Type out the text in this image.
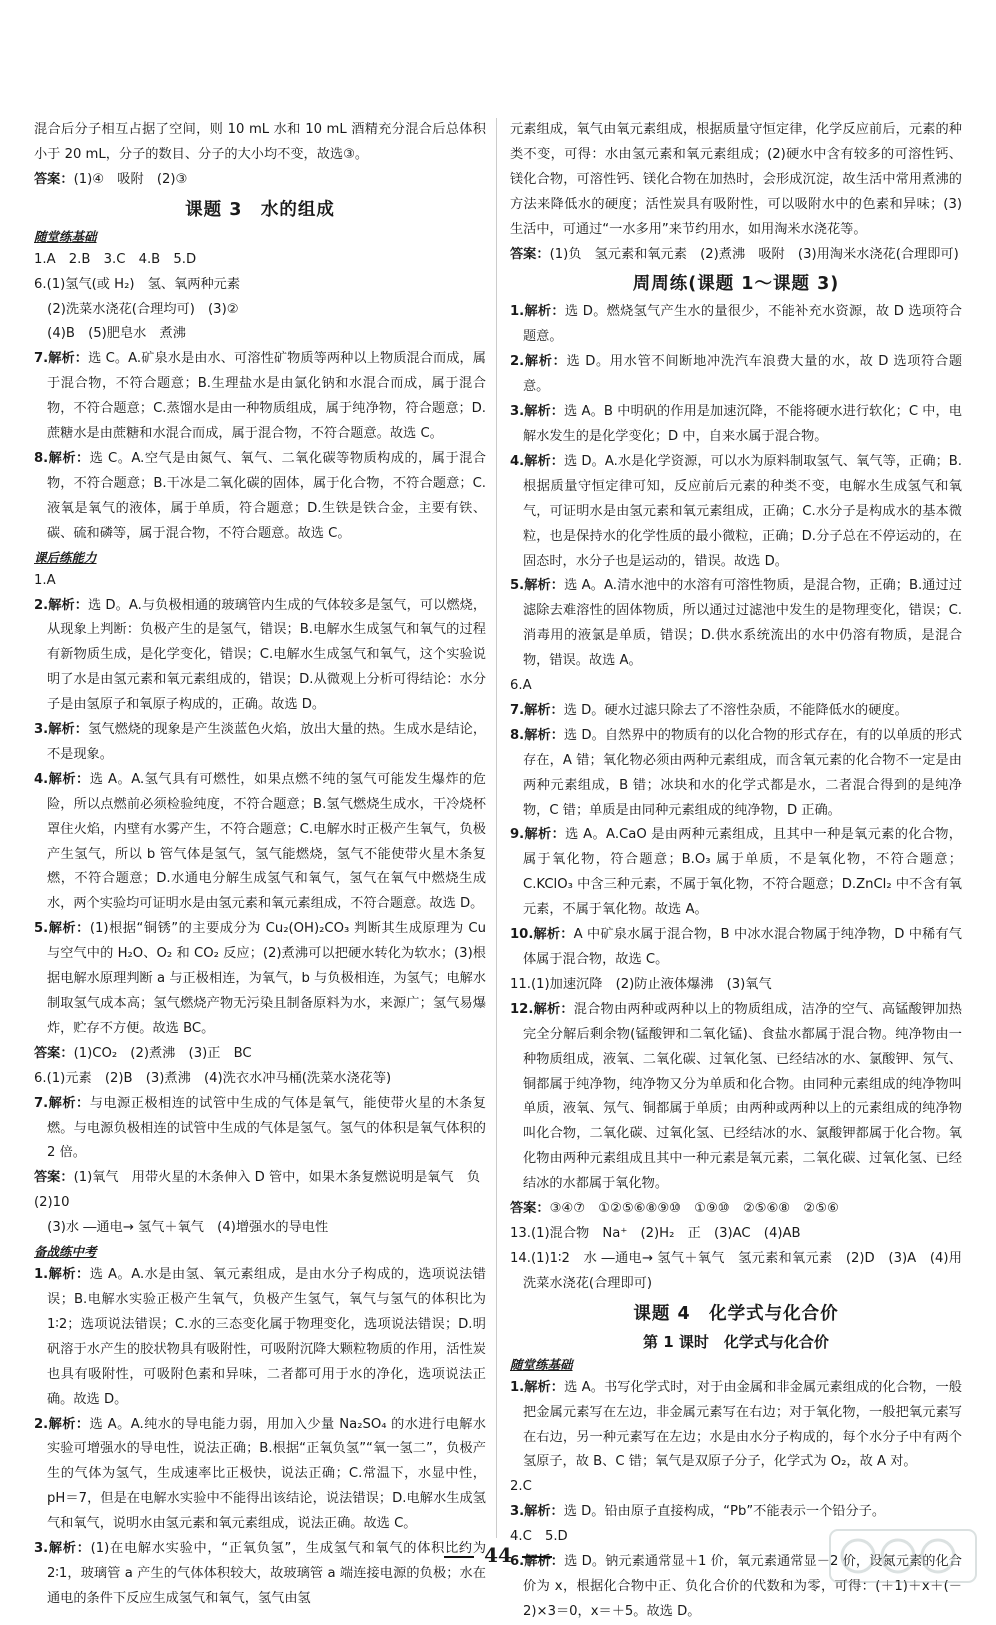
混合后分子相互占据了空间，则 10 mL 水和 10 mL 酒精充分混合后总体积小于 20 mL，分子的数目、分子的大小均不变，故选③。
答案：(1)④　吸附　(2)③
课题 3　水的组成
随堂练基础
1.A　2.B　3.C　4.B　5.D
6.(1)氢气(或 H₂)　氢、氧两种元素
　(2)洗菜水浇花(合理均可)　(3)②
　(4)B　(5)肥皂水　煮沸
7.解析：选 C。A.矿泉水是由水、可溶性矿物质等两种以上物质混合而成，属于混合物，不符合题意；B.生理盐水是由氯化钠和水混合而成，属于混合物，不符合题意；C.蒸馏水是由一种物质组成，属于纯净物，符合题意；D.蔗糖水是由蔗糖和水混合而成，属于混合物，不符合题意。故选 C。
8.解析：选 C。A.空气是由氮气、氧气、二氧化碳等物质构成的，属于混合物，不符合题意；B.干冰是二氧化碳的固体，属于化合物，不符合题意；C.液氧是氧气的液体，属于单质，符合题意；D.生铁是铁合金，主要有铁、碳、硫和磷等，属于混合物，不符合题意。故选 C。
课后练能力
1.A
2.解析：选 D。A.与负极相通的玻璃管内生成的气体较多是氢气，可以燃烧，从现象上判断：负极产生的是氢气，错误；B.电解水生成氢气和氧气的过程有新物质生成，是化学变化，错误；C.电解水生成氢气和氧气，这个实验说明了水是由氢元素和氧元素组成的，错误；D.从微观上分析可得结论：水分子是由氢原子和氧原子构成的，正确。故选 D。
3.解析：氢气燃烧的现象是产生淡蓝色火焰，放出大量的热。生成水是结论，不是现象。
4.解析：选 A。A.氢气具有可燃性，如果点燃不纯的氢气可能发生爆炸的危险，所以点燃前必须检验纯度，不符合题意；B.氢气燃烧生成水，干冷烧杯罩住火焰，内壁有水雾产生，不符合题意；C.电解水时正极产生氧气，负极产生氢气，所以 b 管气体是氢气，氢气能燃烧，氢气不能使带火星木条复燃，不符合题意；D.水通电分解生成氢气和氧气，氢气在氧气中燃烧生成水，两个实验均可证明水是由氢元素和氧元素组成，不符合题意。故选 D。
5.解析：(1)根据“铜锈”的主要成分为 Cu₂(OH)₂CO₃ 判断其生成原理为 Cu 与空气中的 H₂O、O₂ 和 CO₂ 反应；(2)煮沸可以把硬水转化为软水；(3)根据电解水原理判断 a 与正极相连，为氧气，b 与负极相连，为氢气；电解水制取氢气成本高；氢气燃烧产物无污染且制备原料为水，来源广；氢气易爆炸，贮存不方便。故选 BC。
答案：(1)CO₂　(2)煮沸　(3)正　BC
6.(1)元素　(2)B　(3)煮沸　(4)洗衣水冲马桶(洗菜水浇花等)
7.解析：与电源正极相连的试管中生成的气体是氧气，能使带火星的木条复燃。与电源负极相连的试管中生成的气体是氢气。氢气的体积是氧气体积的 2 倍。
答案：(1)氧气　用带火星的木条伸入 D 管中，如果木条复燃说明是氧气　负　(2)10
　(3)水 ―通电→ 氢气＋氧气　(4)增强水的导电性
备战练中考
1.解析：选 A。A.水是由氢、氧元素组成，是由水分子构成的，选项说法错误；B.电解水实验正极产生氧气，负极产生氢气，氧气与氢气的体积比为 1∶2；选项说法错误；C.水的三态变化属于物理变化，选项说法错误；D.明矾溶于水产生的胶状物具有吸附性，可吸附沉降大颗粒物质的作用，活性炭也具有吸附性，可吸附色素和异味，二者都可用于水的净化，选项说法正确。故选 D。
2.解析：选 A。A.纯水的导电能力弱，用加入少量 Na₂SO₄ 的水进行电解水实验可增强水的导电性，说法正确；B.根据“正氧负氢”“氧一氢二”，负极产生的气体为氢气，生成速率比正极快，说法正确；C.常温下，水显中性，pH＝7，但是在电解水实验中不能得出该结论，说法错误；D.电解水生成氢气和氧气，说明水由氢元素和氧元素组成，说法正确。故选 C。
3.解析：(1)在电解水实验中，“正氧负氢”，生成氢气和氧气的体积比约为 2∶1，玻璃管 a 产生的气体体积较大，故玻璃管 a 端连接电源的负极；水在通电的条件下反应生成氢气和氧气，氢气由氢
元素组成，氧气由氧元素组成，根据质量守恒定律，化学反应前后，元素的种类不变，可得：水由氢元素和氧元素组成；(2)硬水中含有较多的可溶性钙、镁化合物，可溶性钙、镁化合物在加热时，会形成沉淀，故生活中常用煮沸的方法来降低水的硬度；活性炭具有吸附性，可以吸附水中的色素和异味；(3)生活中，可通过“一水多用”来节约用水，如用淘米水浇花等。
答案：(1)负　氢元素和氧元素　(2)煮沸　吸附　(3)用淘米水浇花(合理即可)
周周练(课题 1～课题 3)
1.解析：选 D。燃烧氢气产生水的量很少，不能补充水资源，故 D 选项符合题意。
2.解析：选 D。用水管不间断地冲洗汽车浪费大量的水，故 D 选项符合题意。
3.解析：选 A。B 中明矾的作用是加速沉降，不能将硬水进行软化；C 中，电解水发生的是化学变化；D 中，自来水属于混合物。
4.解析：选 D。A.水是化学资源，可以水为原料制取氢气、氧气等，正确；B.根据质量守恒定律可知，反应前后元素的种类不变，电解水生成氢气和氧气，可证明水是由氢元素和氧元素组成，正确；C.水分子是构成水的基本微粒，也是保持水的化学性质的最小微粒，正确；D.分子总在不停运动的，在固态时，水分子也是运动的，错误。故选 D。
5.解析：选 A。A.清水池中的水溶有可溶性物质，是混合物，正确；B.通过过滤除去难溶性的固体物质，所以通过过滤池中发生的是物理变化，错误；C.消毒用的液氯是单质，错误；D.供水系统流出的水中仍溶有物质，是混合物，错误。故选 A。
6.A
7.解析：选 D。硬水过滤只除去了不溶性杂质，不能降低水的硬度。
8.解析：选 D。自然界中的物质有的以化合物的形式存在，有的以单质的形式存在，A 错；氧化物必须由两种元素组成，而含氧元素的化合物不一定是由两种元素组成，B 错；冰块和水的化学式都是水，二者混合得到的是纯净物，C 错；单质是由同种元素组成的纯净物，D 正确。
9.解析：选 A。A.CaO 是由两种元素组成，且其中一种是氧元素的化合物，属于氧化物，符合题意；B.O₃ 属于单质，不是氧化物，不符合题意；C.KClO₃ 中含三种元素，不属于氧化物，不符合题意；D.ZnCl₂ 中不含有氧元素，不属于氧化物。故选 A。
10.解析：A 中矿泉水属于混合物，B 中冰水混合物属于纯净物，D 中稀有气体属于混合物，故选 C。
11.(1)加速沉降　(2)防止液体爆沸　(3)氧气
12.解析：混合物由两种或两种以上的物质组成，洁净的空气、高锰酸钾加热完全分解后剩余物(锰酸钾和二氧化锰)、食盐水都属于混合物。纯净物由一种物质组成，液氧、二氧化碳、过氧化氢、已经结冰的水、氯酸钾、氖气、铜都属于纯净物，纯净物又分为单质和化合物。由同种元素组成的纯净物叫单质，液氧、氖气、铜都属于单质；由两种或两种以上的元素组成的纯净物叫化合物，二氧化碳、过氧化氢、已经结冰的水、氯酸钾都属于化合物。氧化物由两种元素组成且其中一种元素是氧元素，二氧化碳、过氧化氢、已经结冰的水都属于氧化物。
答案：③④⑦　①②⑤⑥⑧⑨⑩　①⑨⑩　②⑤⑥⑧　②⑤⑥
13.(1)混合物　Na⁺　(2)H₂　正　(3)AC　(4)AB
14.(1)1∶2　水 ―通电→ 氢气＋氧气　氢元素和氧元素　(2)D　(3)A　(4)用洗菜水浇花(合理即可)
课题 4　化学式与化合价
第 1 课时　化学式与化合价
随堂练基础
1.解析：选 A。书写化学式时，对于由金属和非金属元素组成的化合物，一般把金属元素写在左边，非金属元素写在右边；对于氧化物，一般把氧元素写在右边，另一种元素写在左边；水是由水分子构成的，每个水分子中有两个氢原子，故 B、C 错；氧气是双原子分子，化学式为 O₂，故 A 对。
2.C
3.解析：选 D。铅由原子直接构成，“Pb”不能表示一个铅分子。
4.C　5.D
6.解析：选 D。钠元素通常显＋1 价，氧元素通常显－2 价，设氮元素的化合价为 x，根据化合物中正、负化合价的代数和为零，可得：(＋1)＋x＋(－2)×3＝0，x＝＋5。故选 D。
44
